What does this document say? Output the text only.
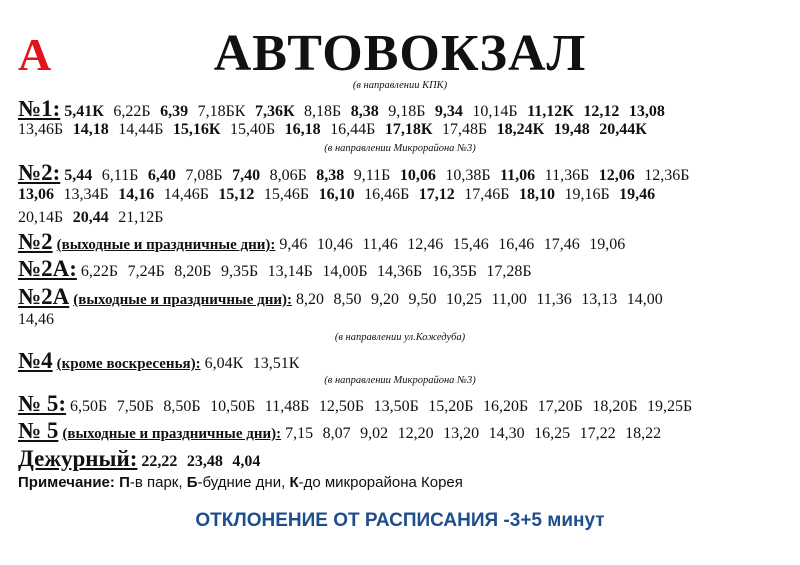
А	АВТОВОКЗАЛ
(в направлении КПК)
№1: 5,41К 6,22Б 6,39 7,18БК 7,36К 8,18Б 8,38 9,18Б 9,34 10,14Б 11,12К 12,12 13,08
13,46Б 14,18 14,44Б 15,16К 15,40Б 16,18 16,44Б 17,18К 17,48Б 18,24К 19,48 20,44К
(в направлении Микрорайона №3)
№2: 5,44 6,11Б 6,40 7,08Б 7,40 8,06Б 8,38 9,11Б 10,06 10,38Б 11,06 11,36Б 12,06 12,36Б
13,06 13,34Б 14,16 14,46Б 15,12 15,46Б 16,10 16,46Б 17,12 17,46Б 18,10 19,16Б 19,46
20,14Б 20,44 21,12Б
№2 (выходные и праздничные дни): 9,46 10,46 11,46 12,46 15,46 16,46 17,46 19,06
№2А: 6,22Б 7,24Б 8,20Б 9,35Б 13,14Б 14,00Б 14,36Б 16,35Б 17,28Б
№2А (выходные и праздничные дни): 8,20 8,50 9,20 9,50 10,25 11,00 11,36 13,13 14,00
14,46
(в направлении ул.Кожедуба)
№4 (кроме воскресенья): 6,04К 13,51К
(в направлении Микрорайона №3)
№ 5: 6,50Б 7,50Б 8,50Б 10,50Б 11,48Б 12,50Б 13,50Б 15,20Б 16,20Б 17,20Б 18,20Б 19,25Б
№ 5 (выходные и праздничные дни): 7,15 8,07 9,02 12,20 13,20 14,30 16,25 17,22 18,22
Дежурный: 22,22 23,48 4,04
Примечание: П-в парк, Б-будние дни, К-до микрорайона Корея
ОТКЛОНЕНИЕ ОТ РАСПИСАНИЯ -3+5 минут
